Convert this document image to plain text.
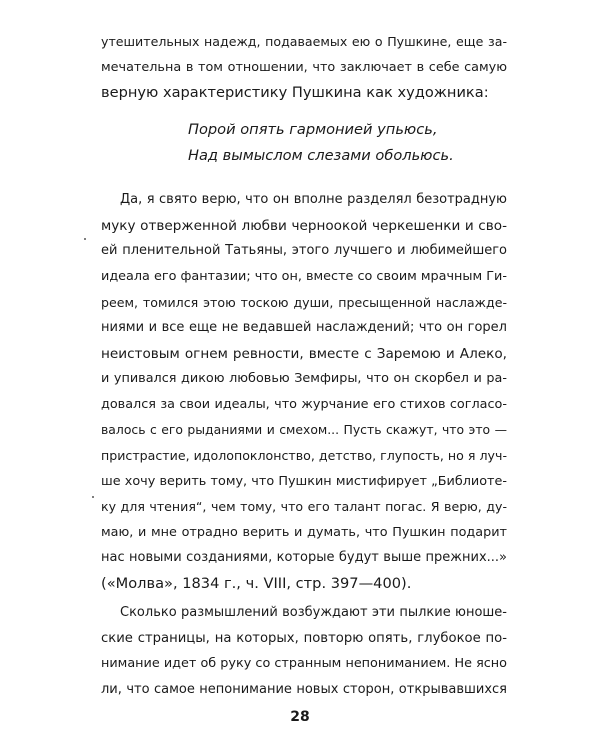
утешительных надежд, подаваемых ею о Пушкине, еще за-
мечательна в том отношении, что заключает в себе самую
верную характеристику Пушкина как художника:
Порой опять гармонией упьюсь,
Над вымыслом слезами обольюсь.
Да, я свято верю, что он вполне разделял безотрадную
муку отверженной любви черноокой черкешенки и сво-
ей пленительной Татьяны, этого лучшего и любимейшего
идеала его фантазии; что он, вместе со своим мрачным Ги-
реем, томился этою тоскою души, пресыщенной наслажде-
ниями и все еще не ведавшей наслаждений; что он горел
неистовым огнем ревности, вместе с Заремою и Алеко,
и упивался дикою любовью Земфиры, что он скорбел и ра-
довался за свои идеалы, что журчание его стихов согласо-
валось с его рыданиями и смехом... Пусть скажут, что это —
пристрастие, идолопоклонство, детство, глупость, но я луч-
ше хочу верить тому, что Пушкин мистифирует „Библиоте-
ку для чтения“, чем тому, что его талант погас. Я верю, ду-
маю, и мне отрадно верить и думать, что Пушкин подарит
нас новыми созданиями, которые будут выше прежних...»
(«Молва», 1834 г., ч. VIII, стр. 397—400).
Сколько размышлений возбуждают эти пылкие юноше-
ские страницы, на которых, повторю опять, глубокое по-
нимание идет об руку со странным непониманием. Не ясно
ли, что самое непонимание новых сторон, открывавшихся
28
